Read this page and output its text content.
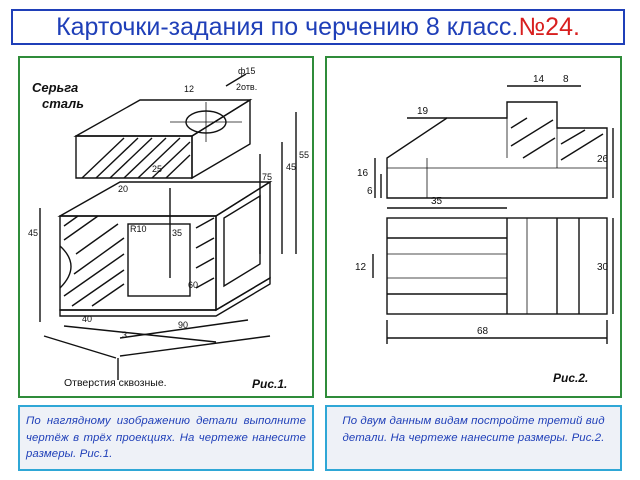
Карточки-задания по черчению 8 класс. №24.
Серьга
сталь
ф15
2отв.
12
45
55
75
25
20
R10	35
45
60
90
40
3
Отверстия сквозные.	Рис.1.
14 8
19
26
16
6
35
12	30
68
Рис.2.
По наглядному изображению детали выполните чертёж в трёх проекциях. На чертеже нанесите размеры. Рис.1.
По двум данным видам постройте третий вид детали. На чертеже нанесите размеры. Рис.2.
